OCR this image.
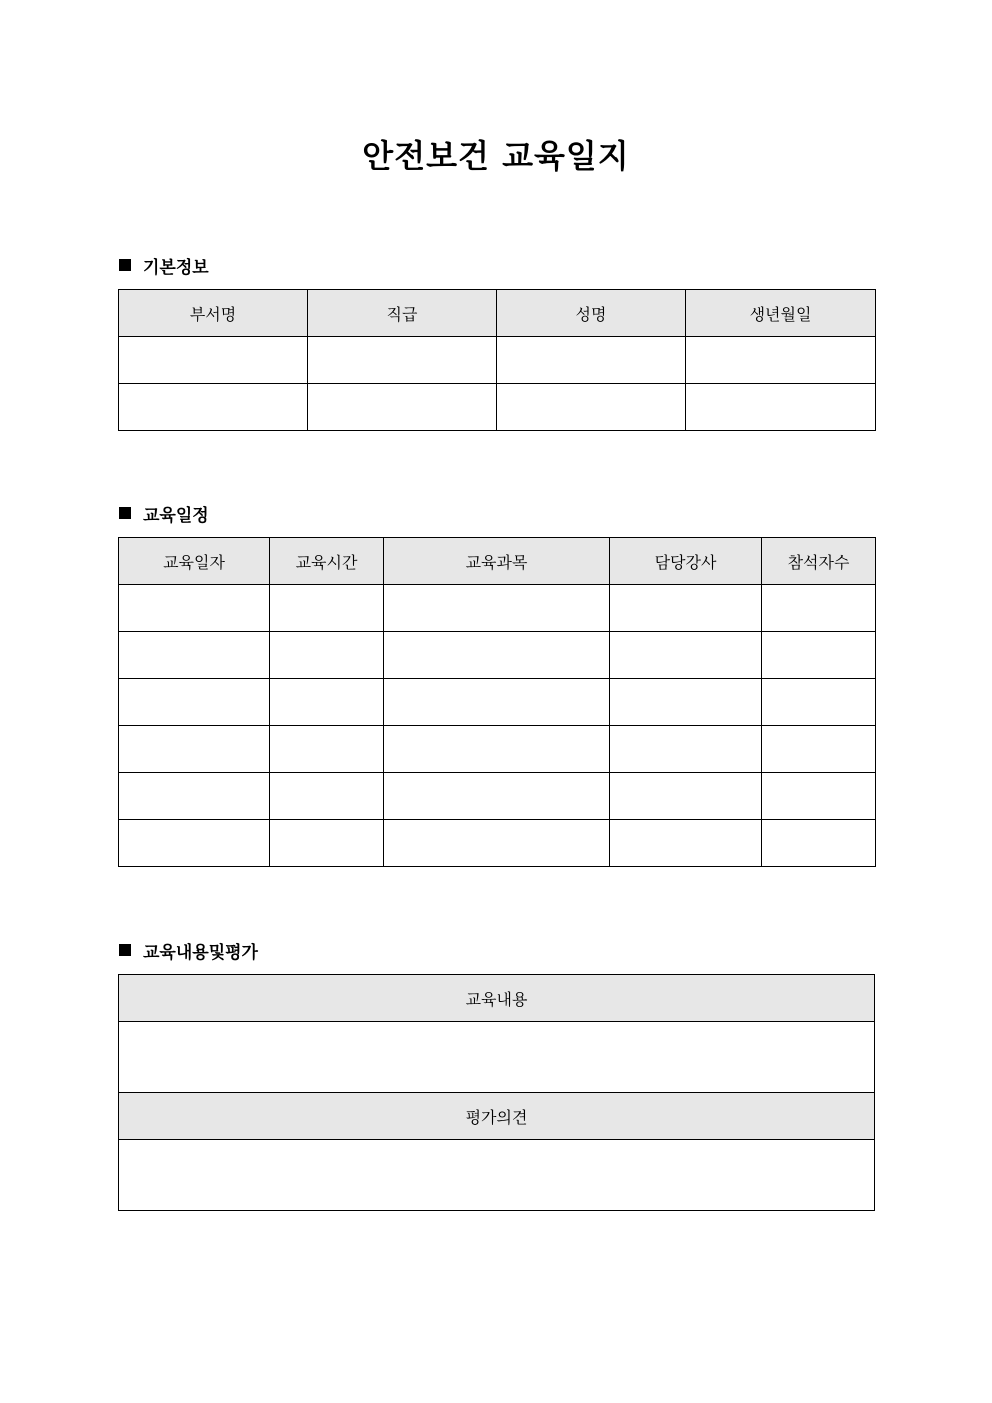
안전보건 교육일지
기본정보
부서명	직급	성명	생년월일

교육일정
교육일자	교육시간	교육과목	담당강사	참석자수

교육내용및평가
교육내용

평가의견
